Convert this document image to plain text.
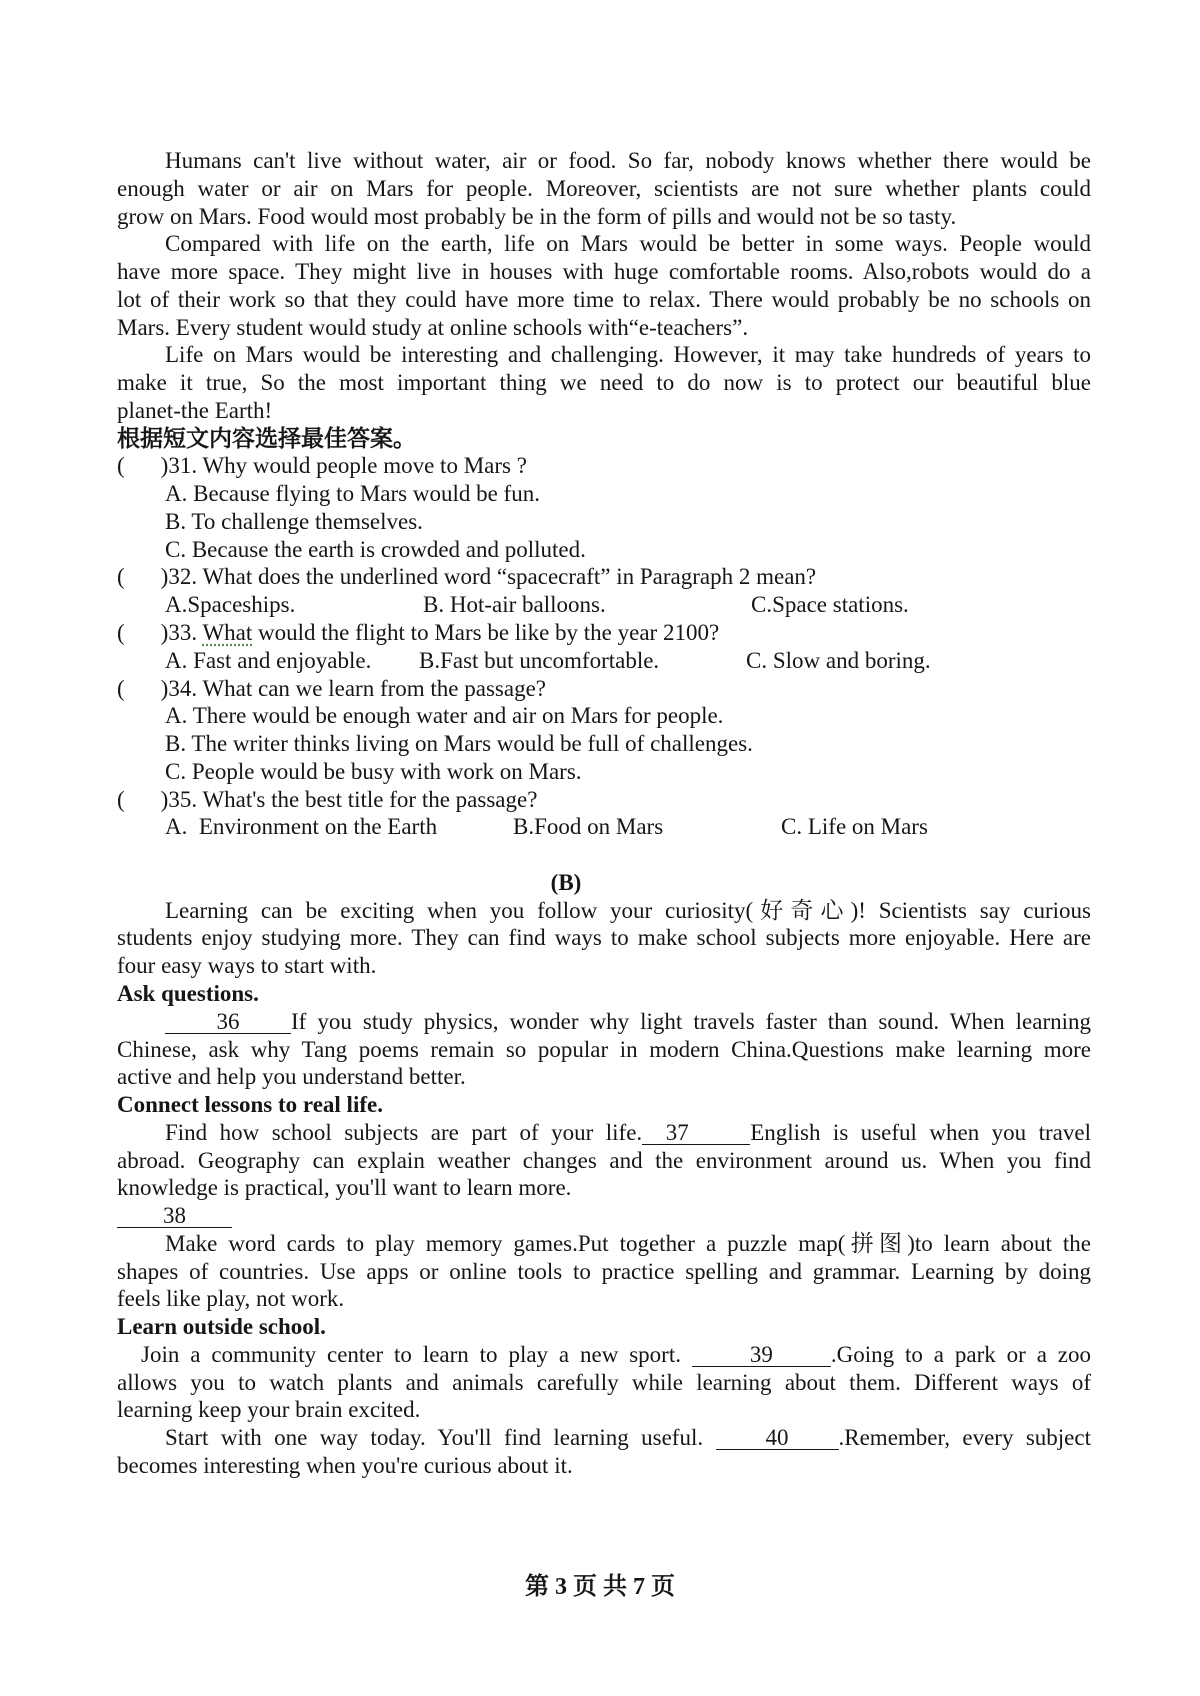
Humans can't live without water, air or food. So far, nobody knows whether there would be
enough water or air on Mars for people. Moreover, scientists are not sure whether plants could
grow on Mars. Food would most probably be in the form of pills and would not be so tasty.
Compared with life on the earth, life on Mars would be better in some ways. People would
have more space. They might live in houses with huge comfortable rooms. Also,robots would do a
lot of their work so that they could have more time to relax. There would probably be no schools on
Mars. Every student would study at online schools with“e-teachers”.
Life on Mars would be interesting and challenging. However, it may take hundreds of years to
make it true, So the most important thing we need to do now is to protect our beautiful blue
planet-the Earth!
根据短文内容选择最佳答案。
( )31. Why would people move to Mars ?
A. Because flying to Mars would be fun.
B. To challenge themselves.
C. Because the earth is crowded and polluted.
( )32. What does the underlined word “spacecraft” in Paragraph 2 mean?
A.Spaceships.	B. Hot-air balloons.	C.Space stations.
( )33. What would the flight to Mars be like by the year 2100?
A. Fast and enjoyable. B.Fast but uncomfortable.	C. Slow and boring.
( )34. What can we learn from the passage?
A. There would be enough water and air on Mars for people.
B. The writer thinks living on Mars would be full of challenges.
C. People would be busy with work on Mars.
( )35. What's the best title for the passage?
A.  Environment on the Earth	B.Food on Mars	C. Life on Mars
(B)
Learning can be exciting when you follow your curiosity(好奇心)! Scientists say curious
students enjoy studying more. They can find ways to make school subjects more enjoyable. Here are
four easy ways to start with.
Ask questions.
36 If you study physics, wonder why light travels faster than sound. When learning
Chinese, ask why Tang poems remain so popular in modern China.Questions make learning more
active and help you understand better.
Connect lessons to real life.
Find how school subjects are part of your life. 37	English is useful when you travel
abroad. Geography can explain weather changes and the environment around us. When you find
knowledge is practical, you'll want to learn more.
38
Make word cards to play memory games.Put together a puzzle map(拼图)to learn about the
shapes of countries. Use apps or online tools to practice spelling and grammar. Learning by doing
feels like play, not work.
Learn outside school.
Join a community center to learn to play a new sport.	39	.Going to a park or a zoo
allows you to watch plants and animals carefully while learning about them. Different ways of
learning keep your brain excited.
Start with one way today. You'll find learning useful.	40 .Remember, every subject
becomes interesting when you're curious about it.
第 3 页 共 7 页
